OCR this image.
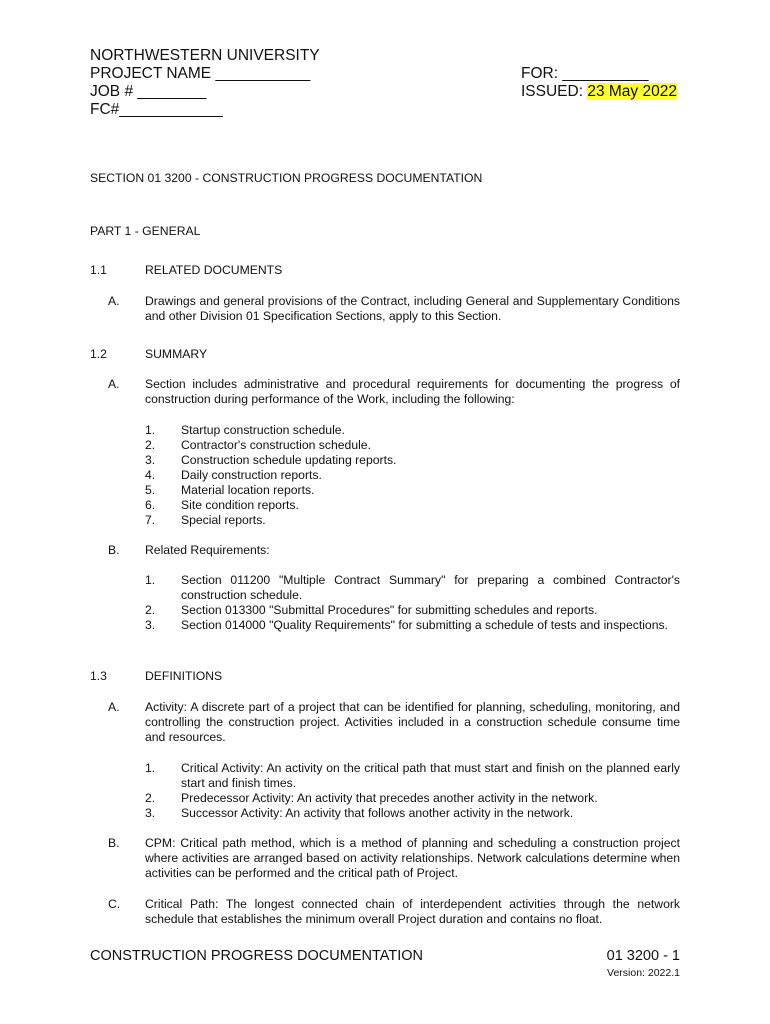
NORTHWESTERN UNIVERSITY
PROJECT NAME ___________
JOB # ________
FC#____________
FOR: __________
ISSUED: 23 May 2022
SECTION 01 3200 - CONSTRUCTION PROGRESS DOCUMENTATION
PART 1 - GENERAL
1.1	RELATED DOCUMENTS
A. Drawings and general provisions of the Contract, including General and Supplementary Conditions and other Division 01 Specification Sections, apply to this Section.
1.2	SUMMARY
A. Section includes administrative and procedural requirements for documenting the progress of construction during performance of the Work, including the following:
1. Startup construction schedule.
2. Contractor's construction schedule.
3. Construction schedule updating reports.
4. Daily construction reports.
5. Material location reports.
6. Site condition reports.
7. Special reports.
B. Related Requirements:
1. Section 011200 "Multiple Contract Summary" for preparing a combined Contractor's construction schedule.
2. Section 013300 "Submittal Procedures" for submitting schedules and reports.
3. Section 014000 "Quality Requirements" for submitting a schedule of tests and inspections.
1.3	DEFINITIONS
A. Activity: A discrete part of a project that can be identified for planning, scheduling, monitoring, and controlling the construction project. Activities included in a construction schedule consume time and resources.
1. Critical Activity: An activity on the critical path that must start and finish on the planned early start and finish times.
2. Predecessor Activity: An activity that precedes another activity in the network.
3. Successor Activity: An activity that follows another activity in the network.
B. CPM: Critical path method, which is a method of planning and scheduling a construction project where activities are arranged based on activity relationships. Network calculations determine when activities can be performed and the critical path of Project.
C. Critical Path: The longest connected chain of interdependent activities through the network schedule that establishes the minimum overall Project duration and contains no float.
CONSTRUCTION PROGRESS DOCUMENTATION	01 3200 - 1
Version: 2022.1
